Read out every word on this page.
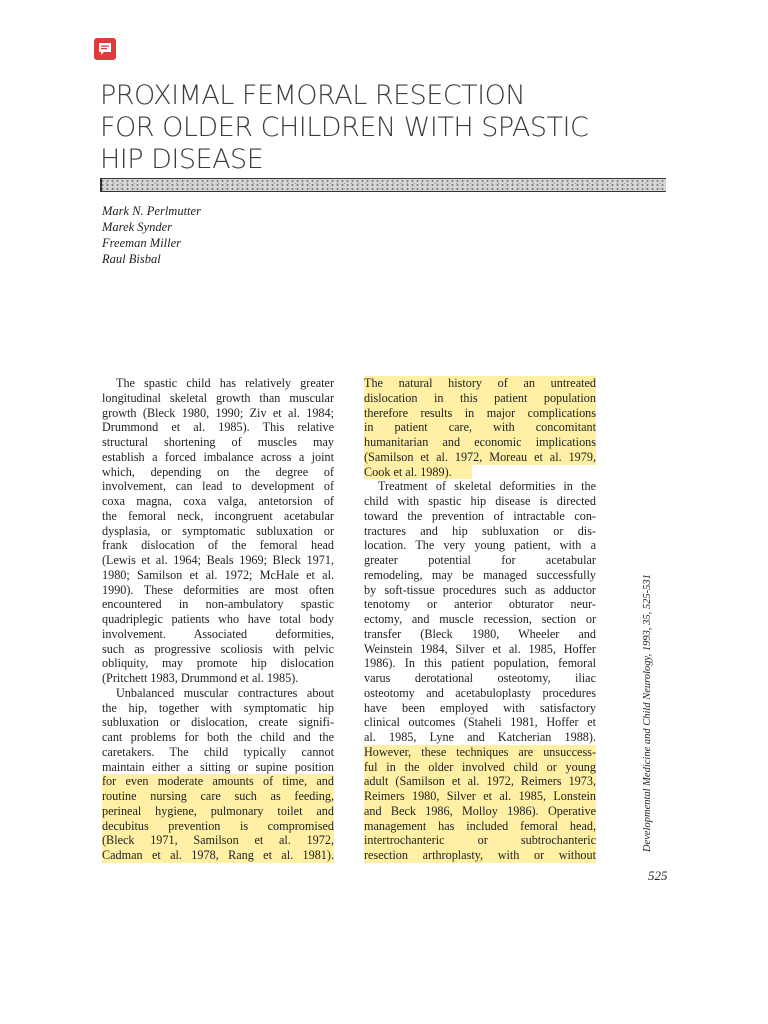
PROXIMAL FEMORAL RESECTION
FOR OLDER CHILDREN WITH SPASTIC
HIP DISEASE
Mark N. Perlmutter
Marek Synder
Freeman Miller
Raul Bisbal
The spastic child has relatively greater
longitudinal skeletal growth than muscular
growth (Bleck 1980, 1990; Ziv et al. 1984;
Drummond et al. 1985). This relative
structural shortening of muscles may
establish a forced imbalance across a joint
which, depending on the degree of
involvement, can lead to development of
coxa magna, coxa valga, antetorsion of
the femoral neck, incongruent acetabular
dysplasia, or symptomatic subluxation or
frank dislocation of the femoral head
(Lewis et al. 1964; Beals 1969; Bleck 1971,
1980; Samilson et al. 1972; McHale et al.
1990). These deformities are most often
encountered in non-ambulatory spastic
quadriplegic patients who have total body
involvement. Associated deformities,
such as progressive scoliosis with pelvic
obliquity, may promote hip dislocation
(Pritchett 1983, Drummond et al. 1985).
Unbalanced muscular contractures about
the hip, together with symptomatic hip
subluxation or dislocation, create signifi-
cant problems for both the child and the
caretakers. The child typically cannot
maintain either a sitting or supine position
for even moderate amounts of time, and
routine nursing care such as feeding,
perineal hygiene, pulmonary toilet and
decubitus prevention is compromised
(Bleck 1971, Samilson et al. 1972,
Cadman et al. 1978, Rang et al. 1981).
The natural history of an untreated
dislocation in this patient population
therefore results in major complications
in patient care, with concomitant
humanitarian and economic implications
(Samilson et al. 1972, Moreau et al. 1979,
Cook et al. 1989).
Treatment of skeletal deformities in the
child with spastic hip disease is directed
toward the prevention of intractable con-
tractures and hip subluxation or dis-
location. The very young patient, with a
greater potential for acetabular
remodeling, may be managed successfully
by soft-tissue procedures such as adductor
tenotomy or anterior obturator neur-
ectomy, and muscle recession, section or
transfer (Bleck 1980, Wheeler and
Weinstein 1984, Silver et al. 1985, Hoffer
1986). In this patient population, femoral
varus derotational osteotomy, iliac
osteotomy and acetabuloplasty procedures
have been employed with satisfactory
clinical outcomes (Staheli 1981, Hoffer et
al. 1985, Lyne and Katcherian 1988).
However, these techniques are unsuccess-
ful in the older involved child or young
adult (Samilson et al. 1972, Reimers 1973,
Reimers 1980, Silver et al. 1985, Lonstein
and Beck 1986, Molloy 1986). Operative
management has included femoral head,
intertrochanteric or subtrochanteric
resection arthroplasty, with or without
Developmental Medicine and Child Neurology, 1993, 35, 525-531
525
